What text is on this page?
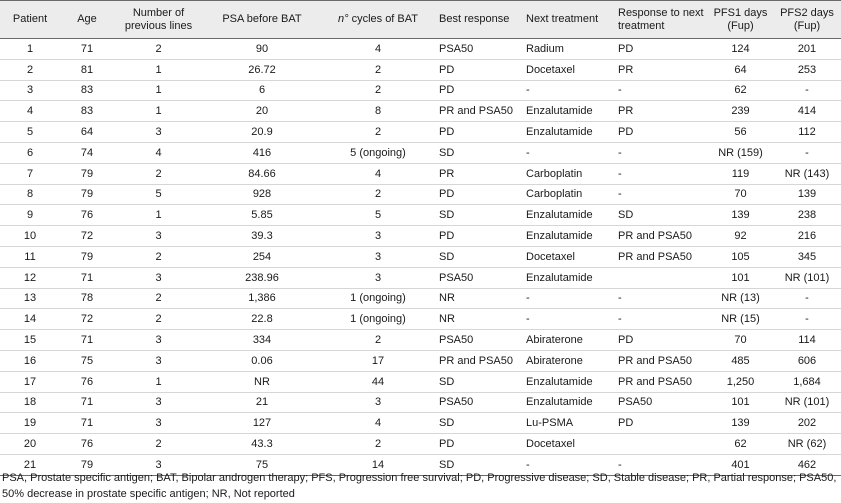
Patient	Age	Number of previous lines	PSA before BAT	n° cycles of BAT	Best response	Next treatment	Response to next treatment	PFS1 days (Fup)	PFS2 days (Fup)
1	71	2	90	4	PSA50	Radium	PD	124	201
2	81	1	26.72	2	PD	Docetaxel	PR	64	253
3	83	1	6	2	PD	-	-	62	-
4	83	1	20	8	PR and PSA50	Enzalutamide	PR	239	414
5	64	3	20.9	2	PD	Enzalutamide	PD	56	112
6	74	4	416	5 (ongoing)	SD	-	-	NR (159)	-
7	79	2	84.66	4	PR	Carboplatin	-	119	NR (143)
8	79	5	928	2	PD	Carboplatin	-	70	139
9	76	1	5.85	5	SD	Enzalutamide	SD	139	238
10	72	3	39.3	3	PD	Enzalutamide	PR and PSA50	92	216
11	79	2	254	3	SD	Docetaxel	PR and PSA50	105	345
12	71	3	238.96	3	PSA50	Enzalutamide		101	NR (101)
13	78	2	1,386	1 (ongoing)	NR	-	-	NR (13)	-
14	72	2	22.8	1 (ongoing)	NR	-	-	NR (15)	-
15	71	3	334	2	PSA50	Abiraterone	PD	70	114
16	75	3	0.06	17	PR and PSA50	Abiraterone	PR and PSA50	485	606
17	76	1	NR	44	SD	Enzalutamide	PR and PSA50	1,250	1,684
18	71	3	21	3	PSA50	Enzalutamide	PSA50	101	NR (101)
19	71	3	127	4	SD	Lu-PSMA	PD	139	202
20	76	2	43.3	2	PD	Docetaxel		62	NR (62)
21	79	3	75	14	SD	-	-	401	462
PSA, Prostate specific antigen; BAT, Bipolar androgen therapy; PFS, Progression free survival; PD, Progressive disease; SD, Stable disease; PR, Partial response; PSA50, 50% decrease in prostate specific antigen; NR, Not reported
